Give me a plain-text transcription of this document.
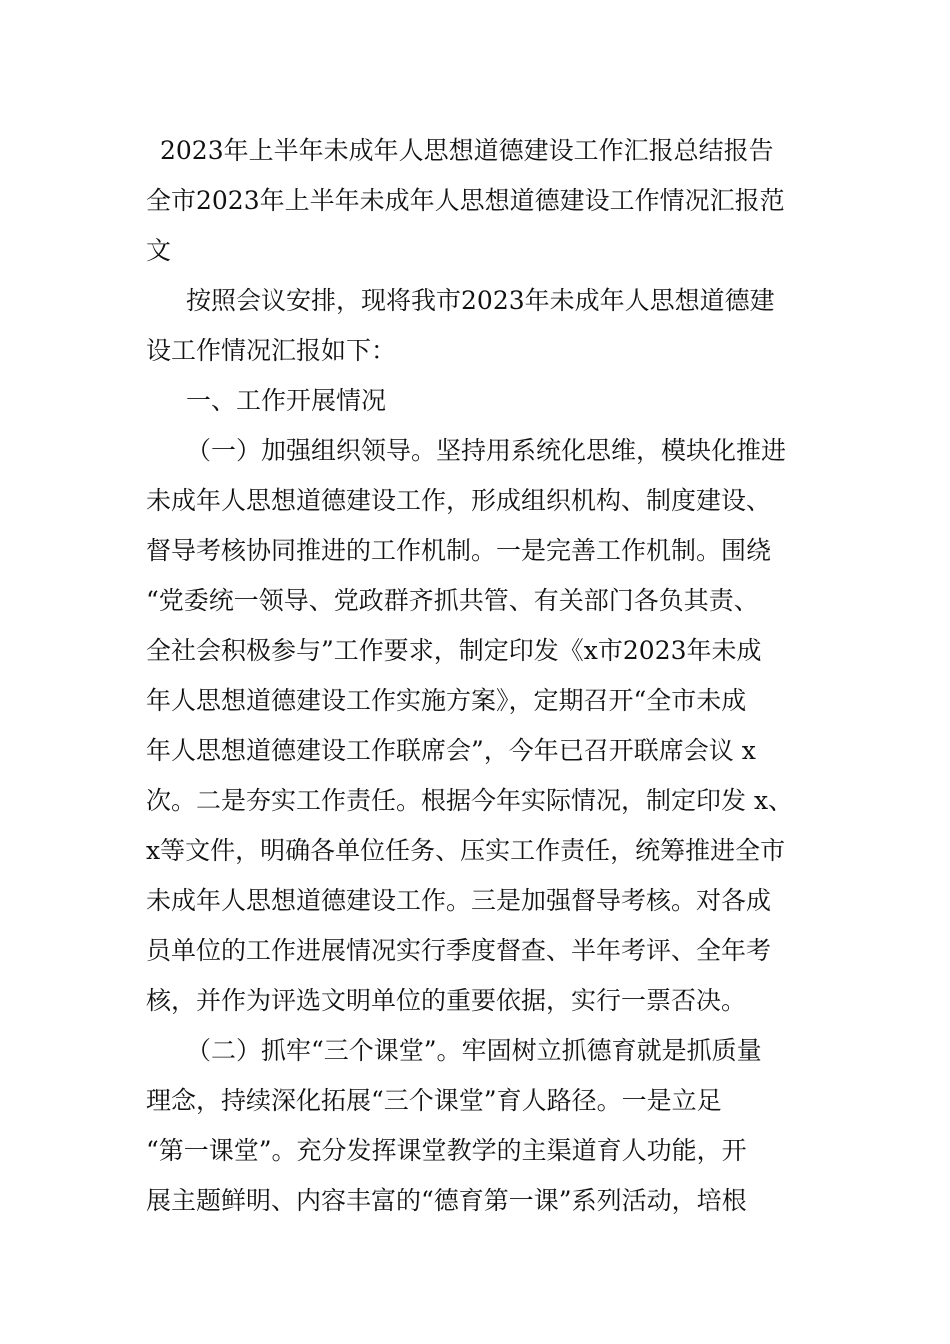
2023年上半年未成年人思想道德建设工作汇报总结报告
全市2023年上半年未成年人思想道德建设工作情况汇报范
文
按照会议安排，现将我市2023年未成年人思想道德建
设工作情况汇报如下：
一、工作开展情况
（一）加强组织领导。坚持用系统化思维，模块化推进
未成年人思想道德建设工作，形成组织机构、制度建设、
督导考核协同推进的工作机制。一是完善工作机制。围绕
“党委统一领导、党政群齐抓共管、有关部门各负其责、
全社会积极参与”工作要求，制定印发《x市2023年未成
年人思想道德建设工作实施方案》，定期召开“全市未成
年人思想道德建设工作联席会”，今年已召开联席会议 x
次。二是夯实工作责任。根据今年实际情况，制定印发 x、
x等文件，明确各单位任务、压实工作责任，统筹推进全市
未成年人思想道德建设工作。三是加强督导考核。对各成
员单位的工作进展情况实行季度督查、半年考评、全年考
核，并作为评选文明单位的重要依据，实行一票否决。
（二）抓牢“三个课堂”。牢固树立抓德育就是抓质量
理念，持续深化拓展“三个课堂”育人路径。一是立足
“第一课堂”。充分发挥课堂教学的主渠道育人功能，开
展主题鲜明、内容丰富的“德育第一课”系列活动，培根
